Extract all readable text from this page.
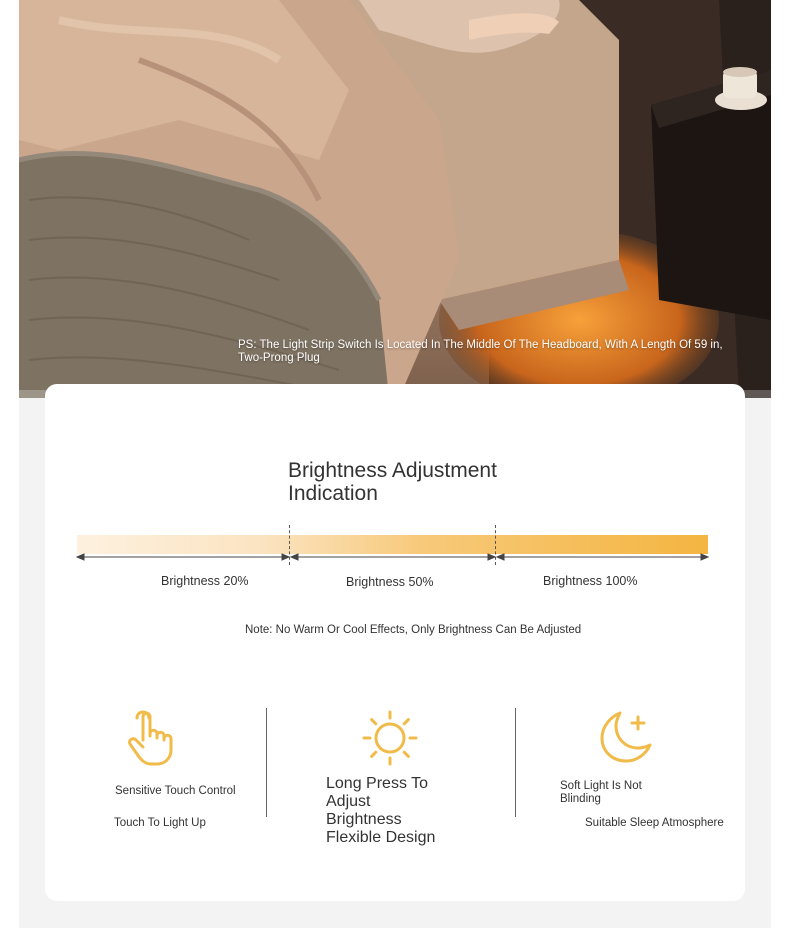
PS: The Light Strip Switch Is Located In The Middle Of The Headboard, With A Length Of 59 in, Two-Prong Plug
Brightness Adjustment
Indication
Brightness 20%	Brightness 50%	Brightness 100%
Note: No Warm Or Cool Effects, Only Brightness Can Be Adjusted
Sensitive Touch Control
Touch To Light Up
Long Press To
Adjust
Brightness
Flexible Design
Soft Light Is Not
Blinding
Suitable Sleep Atmosphere
